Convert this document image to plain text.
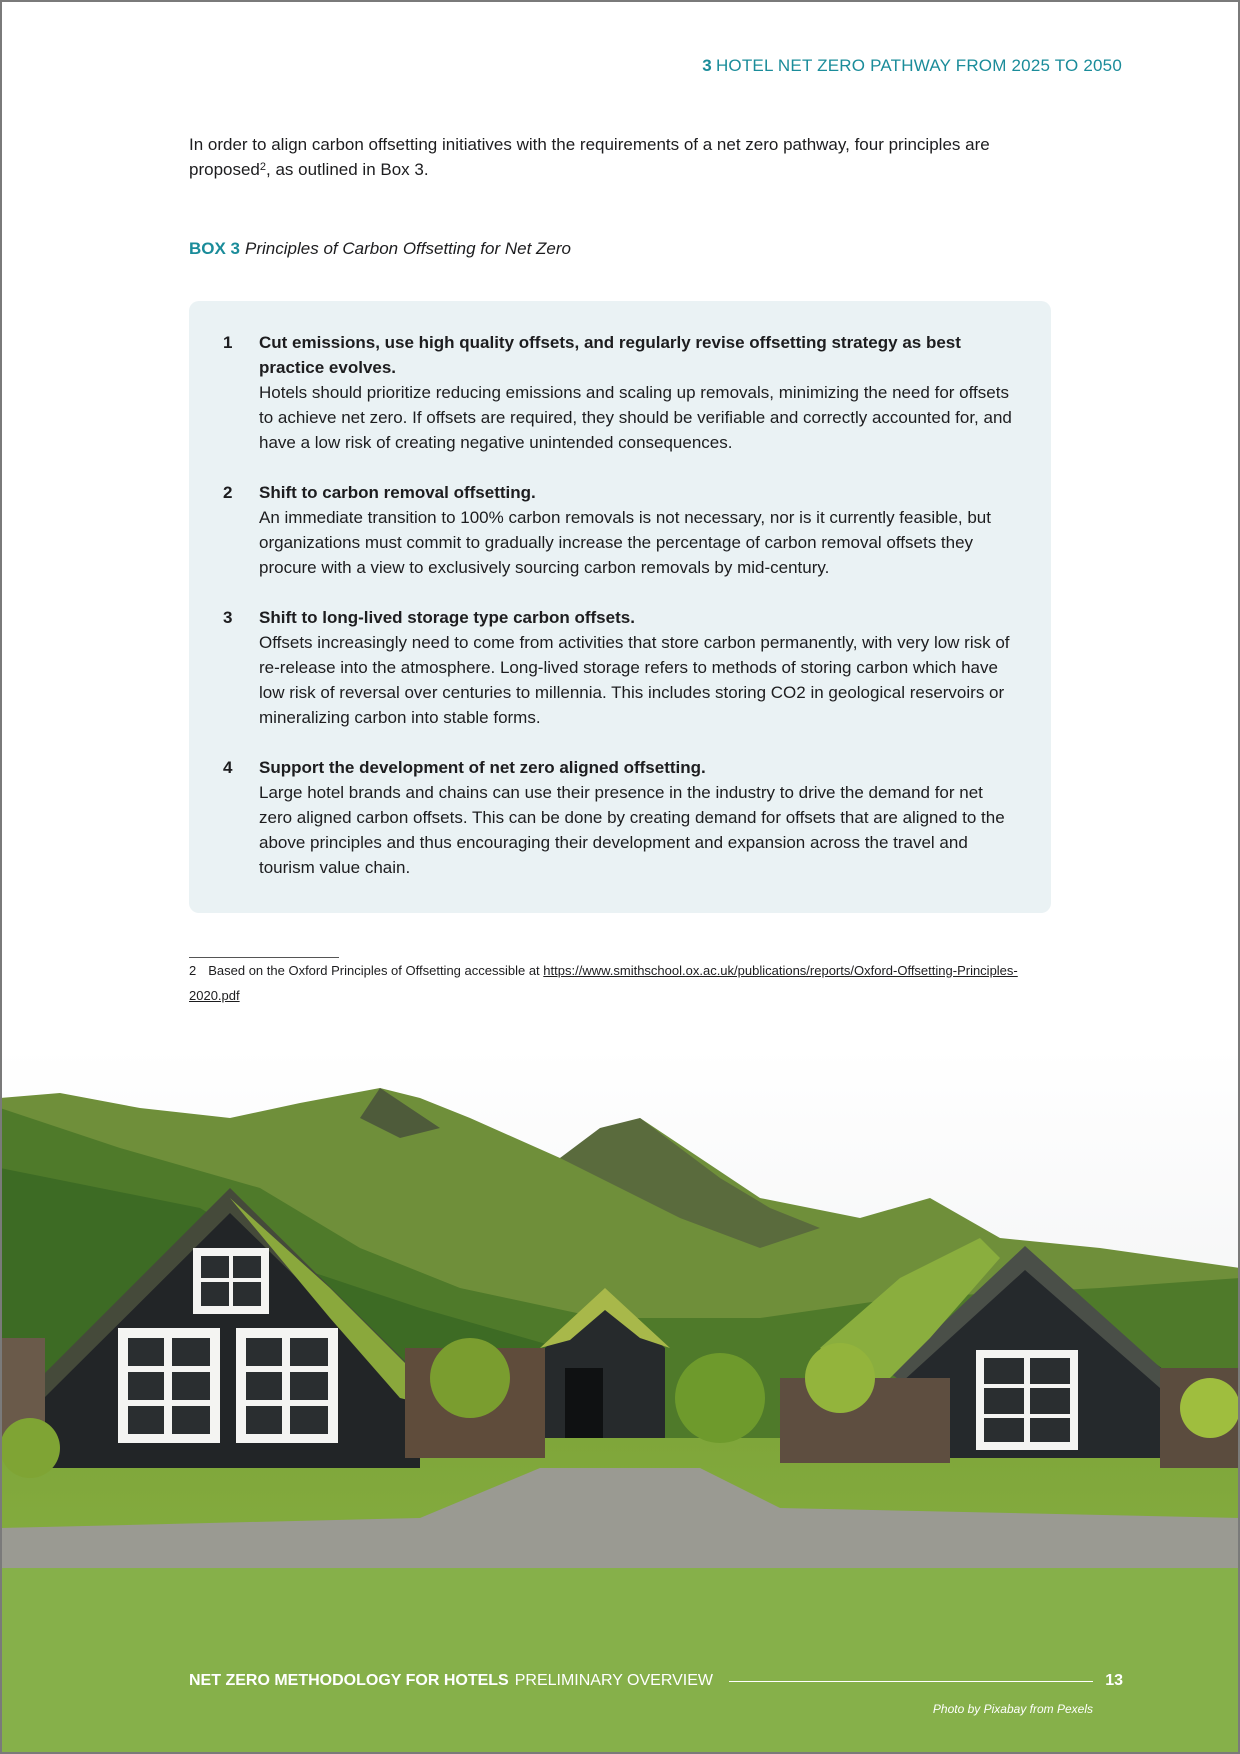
3 HOTEL NET ZERO PATHWAY FROM 2025 TO 2050

In order to align carbon offsetting initiatives with the requirements of a net zero pathway, four principles are proposed$^2$, as outlined in Box 3.

BOX 3 Principles of Carbon Offsetting for Net Zero
1 Cut emissions, use high quality offsets, and regularly revise offsetting strategy as best practice evolves.
Hotels should prioritize reducing emissions and scaling up removals, minimizing the need for offsets to achieve net zero. If offsets are required, they should be verifiable and correctly accounted for, and have a low risk of creating negative unintended consequences.
2 Shift to carbon removal offsetting.
An immediate transition to 100% carbon removals is not necessary, nor is it currently feasible, but organizations must commit to gradually increase the percentage of carbon removal offsets they procure with a view to exclusively sourcing carbon removals by mid-century.
3 Shift to long-lived storage type carbon offsets.
Offsets increasingly need to come from activities that store carbon permanently, with very low risk of re-release into the atmosphere. Long-lived storage refers to methods of storing carbon which have low risk of reversal over centuries to millennia. This includes storing CO2 in geological reservoirs or mineralizing carbon into stable forms.
4 Support the development of net zero aligned offsetting.
Large hotel brands and chains can use their presence in the industry to drive the demand for net zero aligned carbon offsets. This can be done by creating demand for offsets that are aligned to the above principles and thus encouraging their development and expansion across the travel and tourism value chain.
2 Based on the Oxford Principles of Offsetting accessible at https://www.smithschool.ox.ac.uk/publications/reports/Oxford-Offsetting-Principles-2020.pdf
NET ZERO METHODOLOGY FOR HOTELS PRELIMINARY OVERVIEW	13
Photo by Pixabay from Pexels
